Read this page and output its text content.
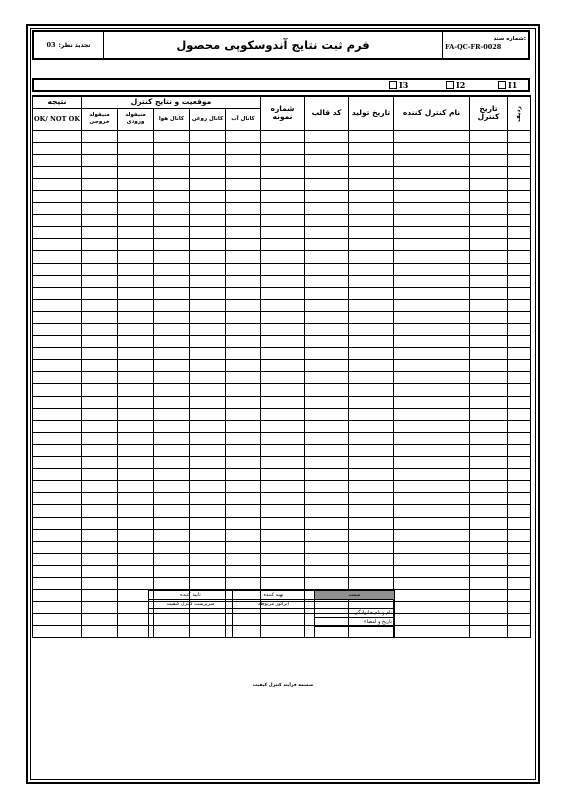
تجدید نظر:
03	فرم ثبت نتایج آندوسکوپی محصول	شماره سند:
FA-QC-FR-0028
I3	I2	I1
ردیف	تاریخ کنترل	نام کنترل کننده	تاریخ تولید	کد قالب	شماره نمونه	موقعیت و نتایج کنترل					نتیجه
						کانال آب	کانال روغن	کانال هوا	منیفولد ورودی	منیفولد خروجی	OK/ NOT OK

سمت	تهیه کننده	تایید کننده
	اپراتور مربوطه	سرپرست کنترل کیفیت
نام و نام خانوادگی		
تاریخ و امضاء		

ضمیمه فرایند کنترل کیفیت
